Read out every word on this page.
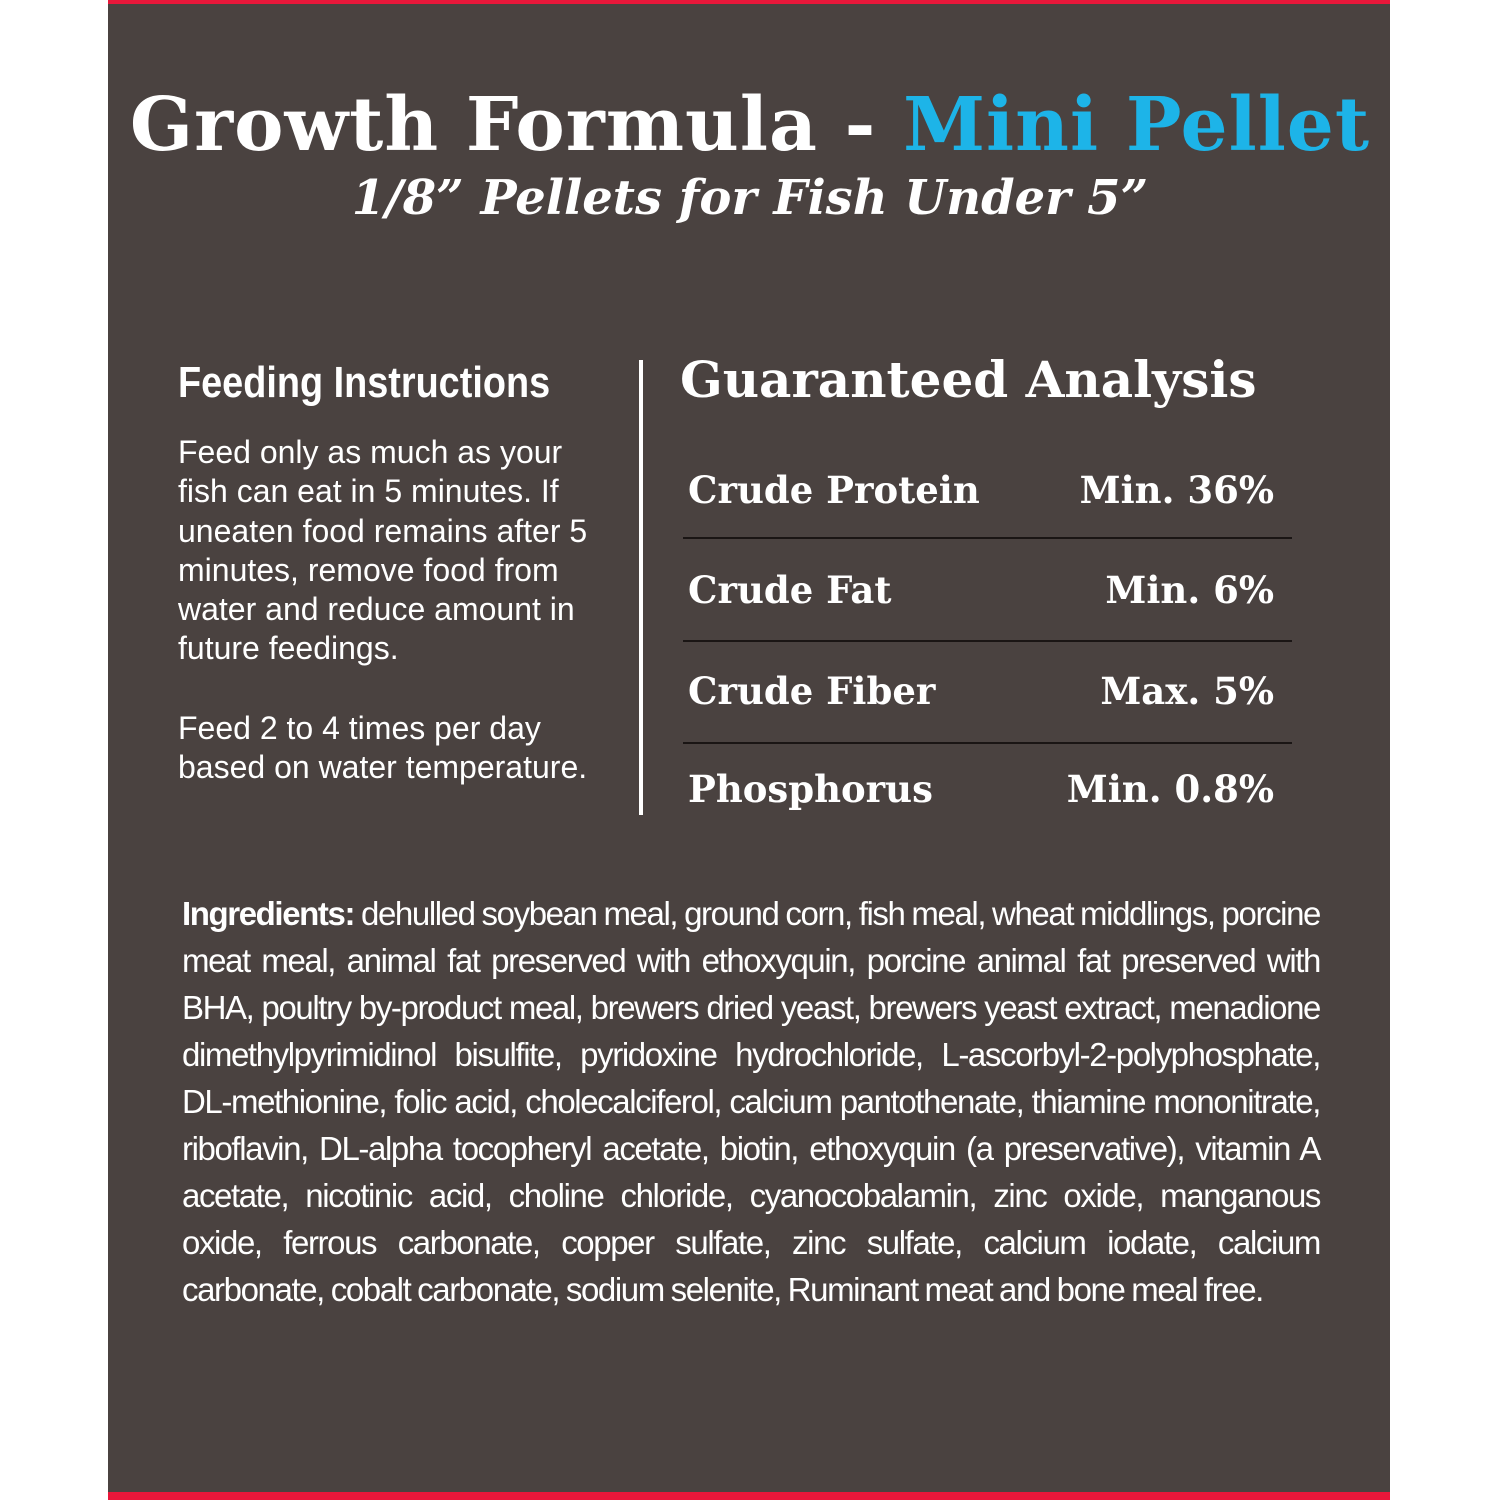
Growth Formula - Mini Pellet
1/8” Pellets for Fish Under 5”
Feeding Instructions
Feed only as much as your fish can eat in 5 minutes. If uneaten food remains after 5 minutes, remove food from water and reduce amount in future feedings.
Feed 2 to 4 times per day based on water temperature.
Guaranteed Analysis
Crude Protein	Min. 36%
Crude Fat	Min. 6%
Crude Fiber	Max. 5%
Phosphorus	Min. 0.8%
Ingredients: dehulled soybean meal, ground corn, fish meal, wheat middlings, porcine meat meal, animal fat preserved with ethoxyquin, porcine animal fat preserved with BHA, poultry by-product meal, brewers dried yeast, brewers yeast extract, menadione dimethylpyrimidinol bisulfite, pyridoxine hydrochloride, L-ascorbyl-2-polyphosphate, DL-methionine, folic acid, cholecalciferol, calcium pantothenate, thiamine mononitrate, riboflavin, DL-alpha tocopheryl acetate, biotin, ethoxyquin (a preservative), vitamin A acetate, nicotinic acid, choline chloride, cyanocobalamin, zinc oxide, manganous oxide, ferrous carbonate, copper sulfate, zinc sulfate, calcium iodate, calcium carbonate, cobalt carbonate, sodium selenite, Ruminant meat and bone meal free.
